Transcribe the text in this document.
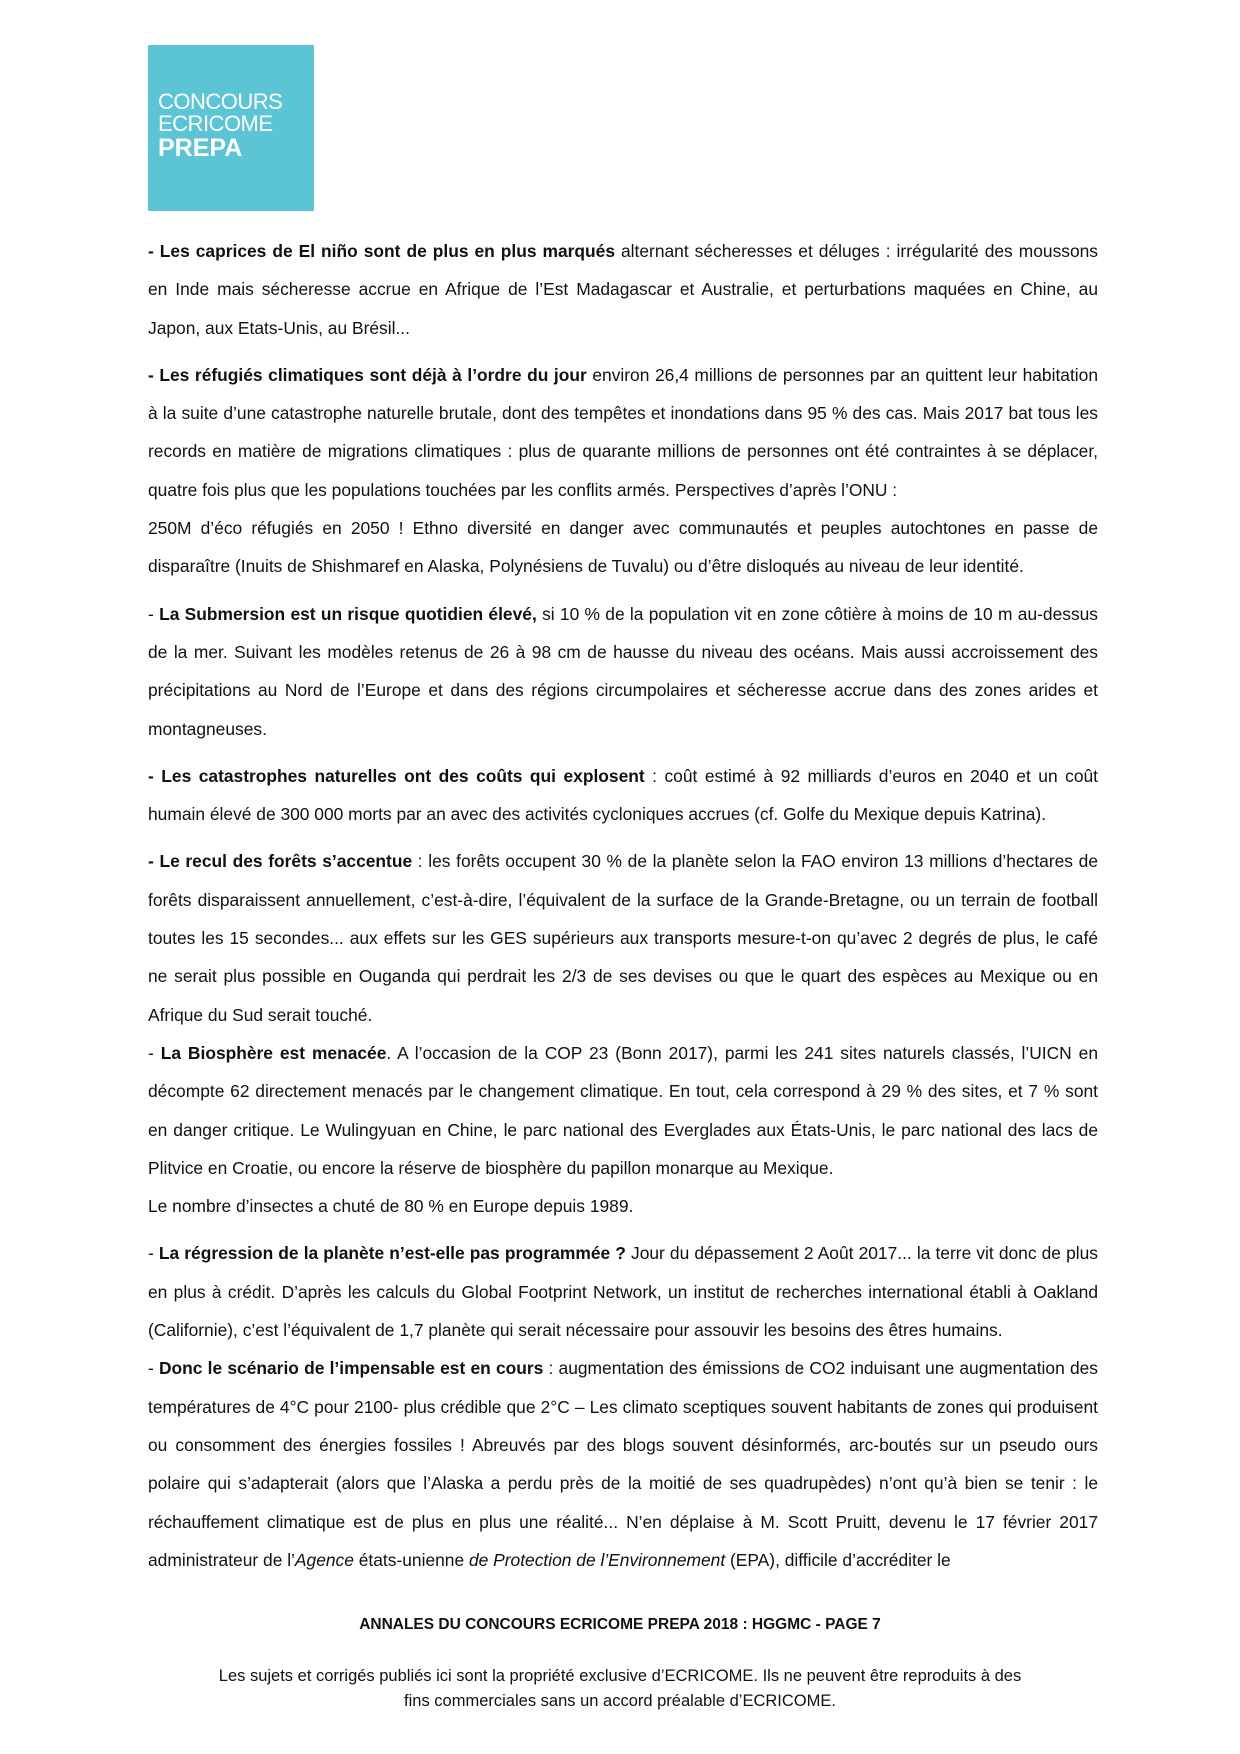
CONCOURS
ECRICOME
PREPA

- Les caprices de El niño sont de plus en plus marqués alternant sécheresses et déluges : irrégularité des moussons en Inde mais sécheresse accrue en Afrique de l’Est Madagascar et Australie, et perturbations maquées en Chine, au Japon, aux Etats-Unis, au Brésil...

- Les réfugiés climatiques sont déjà à l’ordre du jour environ 26,4 millions de personnes par an quittent leur habitation à la suite d’une catastrophe naturelle brutale, dont des tempêtes et inondations dans 95 % des cas. Mais 2017 bat tous les records en matière de migrations climatiques : plus de quarante millions de personnes ont été contraintes à se déplacer, quatre fois plus que les populations touchées par les conflits armés. Perspectives d’après l’ONU :

250M d’éco réfugiés en 2050 ! Ethno diversité en danger avec communautés et peuples autochtones en passe de disparaître (Inuits de Shishmaref en Alaska, Polynésiens de Tuvalu) ou d’être disloqués au niveau de leur identité.

- La Submersion est un risque quotidien élevé, si 10 % de la population vit en zone côtière à moins de 10 m au-dessus de la mer. Suivant les modèles retenus de 26 à 98 cm de hausse du niveau des océans. Mais aussi accroissement des précipitations au Nord de l’Europe et dans des régions circumpolaires et sécheresse accrue dans des zones arides et montagneuses.

- Les catastrophes naturelles ont des coûts qui explosent : coût estimé à 92 milliards d’euros en 2040 et un coût humain élevé de 300 000 morts par an avec des activités cycloniques accrues (cf. Golfe du Mexique depuis Katrina).

- Le recul des forêts s’accentue : les forêts occupent 30 % de la planète selon la FAO environ 13 millions d’hectares de forêts disparaissent annuellement, c’est-à-dire, l’équivalent de la surface de la Grande-Bretagne, ou un terrain de football toutes les 15 secondes... aux effets sur les GES supérieurs aux transports mesure-t-on qu’avec 2 degrés de plus, le café ne serait plus possible en Ouganda qui perdrait les 2/3 de ses devises ou que le quart des espèces au Mexique ou en Afrique du Sud serait touché.

- La Biosphère est menacée. A l’occasion de la COP 23 (Bonn 2017), parmi les 241 sites naturels classés, l’UICN en décompte 62 directement menacés par le changement climatique. En tout, cela correspond à 29 % des sites, et 7 % sont en danger critique. Le Wulingyuan en Chine, le parc national des Everglades aux États-Unis, le parc national des lacs de Plitvice en Croatie, ou encore la réserve de biosphère du papillon monarque au Mexique.

Le nombre d’insectes a chuté de 80 % en Europe depuis 1989.

- La régression de la planète n’est-elle pas programmée ? Jour du dépassement 2 Août 2017... la terre vit donc de plus en plus à crédit. D’après les calculs du Global Footprint Network, un institut de recherches international établi à Oakland (Californie), c’est l’équivalent de 1,7 planète qui serait nécessaire pour assouvir les besoins des êtres humains.

- Donc le scénario de l’impensable est en cours : augmentation des émissions de CO2 induisant une augmentation des températures de 4°C pour 2100- plus crédible que 2°C – Les climato sceptiques souvent habitants de zones qui produisent ou consomment des énergies fossiles ! Abreuvés par des blogs souvent désinformés, arc-boutés sur un pseudo ours polaire qui s’adapterait (alors que l’Alaska a perdu près de la moitié de ses quadrupèdes) n’ont qu’à bien se tenir : le réchauffement climatique est de plus en plus une réalité... N’en déplaise à M. Scott Pruitt, devenu le 17 février 2017 administrateur de l’Agence états-unienne de Protection de l’Environnement (EPA), difficile d’accréditer le

ANNALES DU CONCOURS ECRICOME PREPA 2018 : HGGMC - PAGE 7
Les sujets et corrigés publiés ici sont la propriété exclusive d’ECRICOME. Ils ne peuvent être reproduits à des
fins commerciales sans un accord préalable d’ECRICOME.
